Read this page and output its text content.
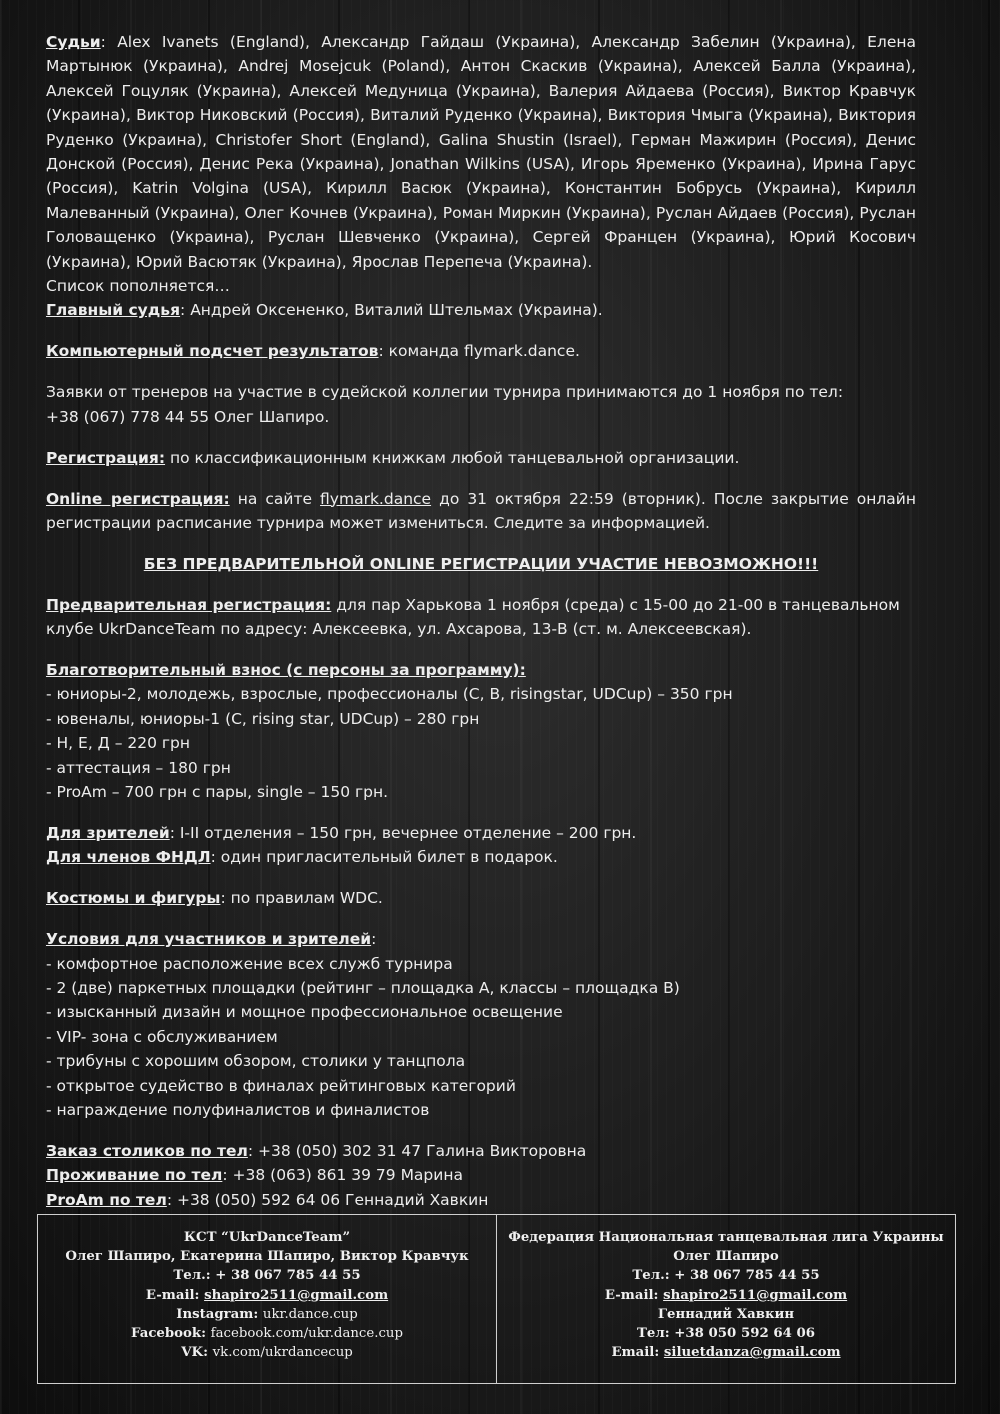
Судьи: Alex Ivanets (England), Александр Гайдаш (Украина), Александр Забелин (Украина), Елена Мартынюк (Украина), Andrej Mosejcuk (Poland), Антон Скаскив (Украина), Алексей Балла (Украина), Алексей Гоцуляк (Украина), Алексей Медуница (Украина), Валерия Айдаева (Россия), Виктор Кравчук (Украина), Виктор Никовский (Россия), Виталий Руденко (Украина), Виктория Чмыга (Украина), Виктория Руденко (Украина), Christofer Short (England), Galina Shustin (Israel), Герман Мажирин (Россия), Денис Донской (Россия), Денис Река (Украина), Jonathan Wilkins (USA), Игорь Яременко (Украина), Ирина Гарус (Россия), Katrin Volgina (USA), Кирилл Васюк (Украина), Константин Бобрусь (Украина), Кирилл Малеванный (Украина), Олег Кочнев (Украина), Роман Миркин (Украина), Руслан Айдаев (Россия), Руслан Головащенко (Украина), Руслан Шевченко (Украина), Сергей Францен (Украина), Юрий Косович (Украина), Юрий Васютяк (Украина), Ярослав Перепеча (Украина).
Список пополняется…

Главный судья: Андрей Оксененко, Виталий Штельмах (Украина).

Компьютерный подсчет результатов: команда flymark.dance.

Заявки от тренеров на участие в судейской коллегии турнира принимаются до 1 ноября по тел:
+38 (067) 778 44 55 Олег Шапиро.

Регистрация: по классификационным книжкам любой танцевальной организации.

Online регистрация: на сайте flymark.dance до 31 октября 22:59 (вторник). После закрытие онлайн регистрации расписание турнира может измениться. Следите за информацией.

БЕЗ ПРЕДВАРИТЕЛЬНОЙ ONLINE РЕГИСТРАЦИИ УЧАСТИЕ НЕВОЗМОЖНО!!!

Предварительная регистрация: для пар Харькова 1 ноября (среда) с 15-00 до 21-00 в танцевальном клубе UkrDanceTeam по адресу: Алексеевка, ул. Ахсарова, 13-В (ст. м. Алексеевская).

Благотворительный взнос (с персоны за программу):
- юниоры-2, молодежь, взрослые, профессионалы (С, В, risingstar, UDCup) – 350 грн
- ювеналы, юниоры-1 (С, rising star, UDCup) – 280 грн
- Н, Е, Д – 220 грн
- аттестация – 180 грн
- ProAm – 700 грн с пары, single – 150 грн.
Для зрителей: I-II отделения – 150 грн, вечернее отделение – 200 грн.
Для членов ФНДЛ: один пригласительный билет в подарок.

Костюмы и фигуры: по правилам WDC.

Условия для участников и зрителей:
- комфортное расположение всех служб турнира
- 2 (две) паркетных площадки (рейтинг – площадка А, классы – площадка В)
- изысканный дизайн и мощное профессиональное освещение
- VIP- зона с обслуживанием
- трибуны с хорошим обзором, столики у танцпола
- открытое судейство в финалах рейтинговых категорий
- награждение полуфиналистов и финалистов
Заказ столиков по тел: +38 (050) 302 31 47 Галина Викторовна
Проживание по тел: +38 (063) 861 39 79 Марина
ProAm по тел: +38 (050) 592 64 06 Геннадий Хавкин
КСТ “UkrDanceTeam”
Олег Шапиро, Екатерина Шапиро, Виктор Кравчук
Тел.: + 38 067 785 44 55
E-mail: shapiro2511@gmail.com
Instagram: ukr.dance.cup
Facebook: facebook.com/ukr.dance.cup
VK: vk.com/ukrdancecup
Федерация Национальная танцевальная лига Украины
Олег Шапиро
Тел.: + 38 067 785 44 55
E-mail: shapiro2511@gmail.com
Геннадий Хавкин
Тел: +38 050 592 64 06
Email: siluetdanza@gmail.com
